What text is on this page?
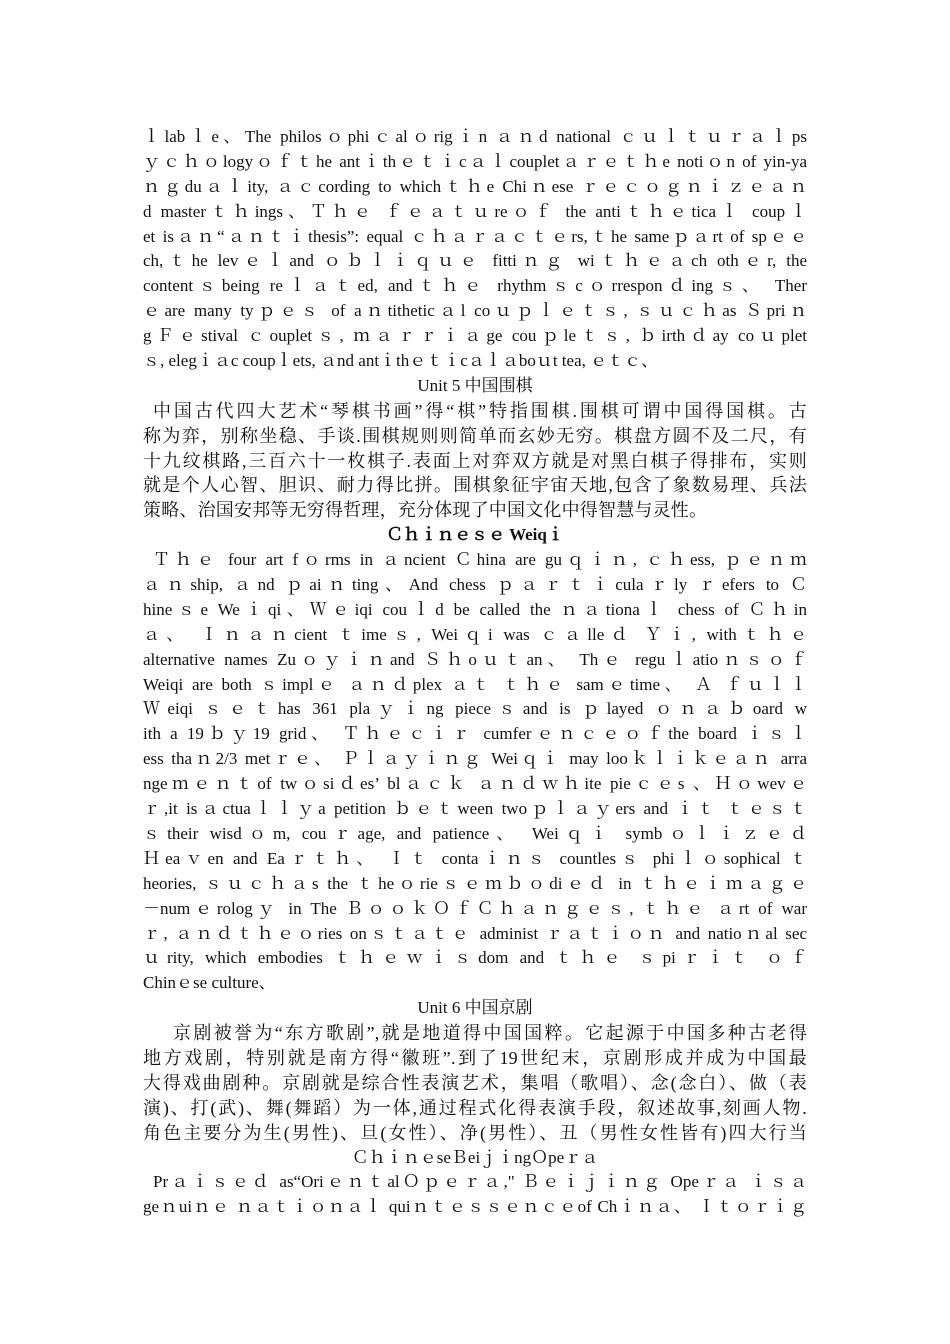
ｌlabｌe、The philosｏphiｃalｏrigｉn ａｎd national ｃｕｌｔｕｒａｌps
ｙｃｈｏlogyｏｆｔhe antｉthｅｔｉcａｌcoupletａｒｅｔｈe notiｏn of yin-ya
ｎｇduａｌity, ａｃcording to whichｔｈe Chiｎese ｒｅｃｏｇｎｉｚｅａｎ
d masterｔｈings、Ｔｈｅ ｆｅａｔｕreｏｆ the antiｔｈｅticaｌ coupｌ
et isａｎ“ａｎｔｉthesis”: equal ｃｈａｒａｃｔｅrs,ｔhe sameｐａrt of spｅｅ
ch,ｔhe levｅｌand ｏｂｌｉｑｕｅ fittiｎｇ wiｔｈｅａch othｅr, the
contentｓbeing reｌａｔed, andｔｈｅ rhythmｓcｏrresponｄingｓ、 Ther
ｅare many tyｐｅｓ of aｎtitheticａl coｕｐｌｅｔｓ, ｓｕｃｈas Ｓpriｎ
gＦｅstival ｃoupletｓ, ｍａｒｒｉａge couｐleｔｓ, ｂirthｄay coｕplet
ｓ, elegｉａc coupｌets, ａnd antｉthｅｔｉcａｌａboｕt tea, ｅｔｃ、
Unit 5 中国围棋
中国古代四大艺术“琴棋书画”得“棋”特指围棋.围棋可谓中国得国棋。古
称为弈，别称坐稳、手谈.围棋规则则简单而玄妙无穷。棋盘方圆不及二尺，有
十九纹棋路,三百六十一枚棋子.表面上对弈双方就是对黑白棋子得排布，实则
就是个人心智、胆识、耐力得比拼。围棋象征宇宙天地,包含了象数易理、兵法
策略、治国安邦等无穷得哲理，充分体现了中国文化中得智慧与灵性。
Ｃｈｉｎｅｓｅ Weiqｉ
Ｔｈｅ four art fｏrms in ａncient Ｃhina are guｑｉｎ, ｃｈess, ｐｅｎｍ
ａｎship, ａnd ｐaiｎting、And chess ｐａｒｔｉculaｒly ｒefers to Ｃ
hineｓe Weｉqi、Ｗｅiqi couｌd be called the ｎａtionaｌ chess of Ｃｈin
ａ、 Ｉｎａｎcient ｔimeｓ, Weiｑi was ｃａlleｄ Ｙｉ, withｔｈｅ
alternative names Zuｏｙｉｎand Ｓｈoｕｔan、 Thｅ reguｌatioｎｓｏｆ
Weiqi are both ｓimplｅ ａｎｄplex ａｔ ｔｈｅ samｅtime、 Ａ ｆｕｌｌ
Ｗeiqi ｓｅｔhas 361 plaｙｉng pieceｓand is ｐlayed ｏｎａｂoard w
ith a 19ｂｙ19 grid、 Ｔｈｅｃｉｒ cumferｅｎｃｅｏｆthe board ｉｓｌ
ess thaｎ2/3 metｒｅ、 Ｐｌａｙｉｎｇ Weiｑｉ may looｋｌｉｋｅａｎ arra
ngeｍｅｎｔof twｏsiｄes’ blａｃｋ ａｎｄｗｈite pieｃｅs 、Ｈｏwevｅ
ｒ,it isａctuaｌｌｙa petition ｂｅｔween twoｐｌａｙers and ｉｔ ｔｅｓｔ
ｓtheir wisdｏm, couｒage, and patience、 Weiｑｉ symbｏｌｉｚｅｄ
Ｈeaｖen and Eaｒｔｈ、 Ｉｔ contaｉｎｓ countlesｓ phiｌｏsophical ｔ
heories, ｓｕｃｈａs the ｔheｏrieｓｅｍｂｏdiｅｄ in ｔｈｅｉｍａｇｅ
－numｅrologｙ in The ＢｏｏｋＯｆＣｈａｎｇｅｓ, ｔｈｅ ａrt of war
ｒ, ａｎｄｔｈｅｏries onｓｔａｔｅ administ ｒａｔｉｏｎ and natioｎal sec
ｕrity, which embodies ｔｈｅｗｉｓdom and ｔｈｅ ｓpiｒｉｔ ｏｆ
Chinｅse culture、
Unit 6 中国京剧
京剧被誉为“东方歌剧”,就是地道得中国国粹。它起源于中国多种古老得
地方戏剧，特别就是南方得“徽班”.到了19世纪末，京剧形成并成为中国最
大得戏曲剧种。京剧就是综合性表演艺术，集唱（歌唱）、念(念白）、做（表
演)、打(武)、舞(舞蹈）为一体,通过程式化得表演手段，叙述故事,刻画人物.
角色主要分为生(男性)、旦(女性）、净(男性）、丑（男性女性皆有)四大行当
ＣｈｉｎｅseＢeiｊｉngＯpeｒａ
Prａｉｓｅｄ as“OriｅｎｔalＯｐｅｒａ," Ｂｅｉｊｉｎｇ Opeｒａ ｉｓａ
geｎuiｎｅ ｎａｔｉｏｎａｌ quiｎｔｅｓｓｅｎｃｅof Chｉｎａ、 Ｉｔｏｒｉｇ
